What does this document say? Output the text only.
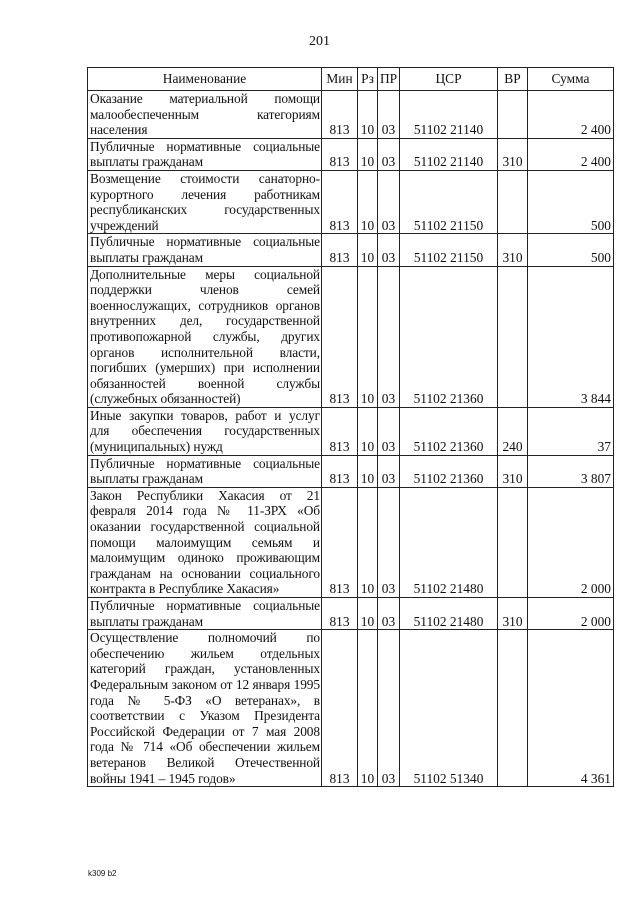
201
Наименование	Мин	Рз	ПР	ЦСР	ВР	Сумма
Оказание материальной помощи малообеспеченным категориям населения	813	10	03	51102 21140		2 400
Публичные нормативные социальные выплаты гражданам	813	10	03	51102 21140	310	2 400
Возмещение стоимости санаторно-курортного лечения работникам республиканских государственных учреждений	813	10	03	51102 21150		500
Публичные нормативные социальные выплаты гражданам	813	10	03	51102 21150	310	500
Дополнительные меры социальной поддержки членов семей военнослужащих, сотрудников органов внутренних дел, государственной противопожарной службы, других органов исполнительной власти, погибших (умерших) при исполнении обязанностей военной службы (служебных обязанностей)	813	10	03	51102 21360		3 844
Иные закупки товаров, работ и услуг для обеспечения государственных (муниципальных) нужд	813	10	03	51102 21360	240	37
Публичные нормативные социальные выплаты гражданам	813	10	03	51102 21360	310	3 807
Закон Республики Хакасия от 21 февраля 2014 года № 11-ЗРХ «Об оказании государственной социальной помощи малоимущим семьям и малоимущим одиноко проживающим гражданам на основании социального контракта в Республике Хакасия»	813	10	03	51102 21480		2 000
Публичные нормативные социальные выплаты гражданам	813	10	03	51102 21480	310	2 000
Осуществление полномочий по обеспечению жильем отдельных категорий граждан, установленных Федеральным законом от 12 января 1995 года № 5-ФЗ «О ветеранах», в соответствии с Указом Президента Российской Федерации от 7 мая 2008 года № 714 «Об обеспечении жильем ветеранов Великой Отечественной войны 1941 – 1945 годов»	813	10	03	51102 51340		4 361
k309 b2
